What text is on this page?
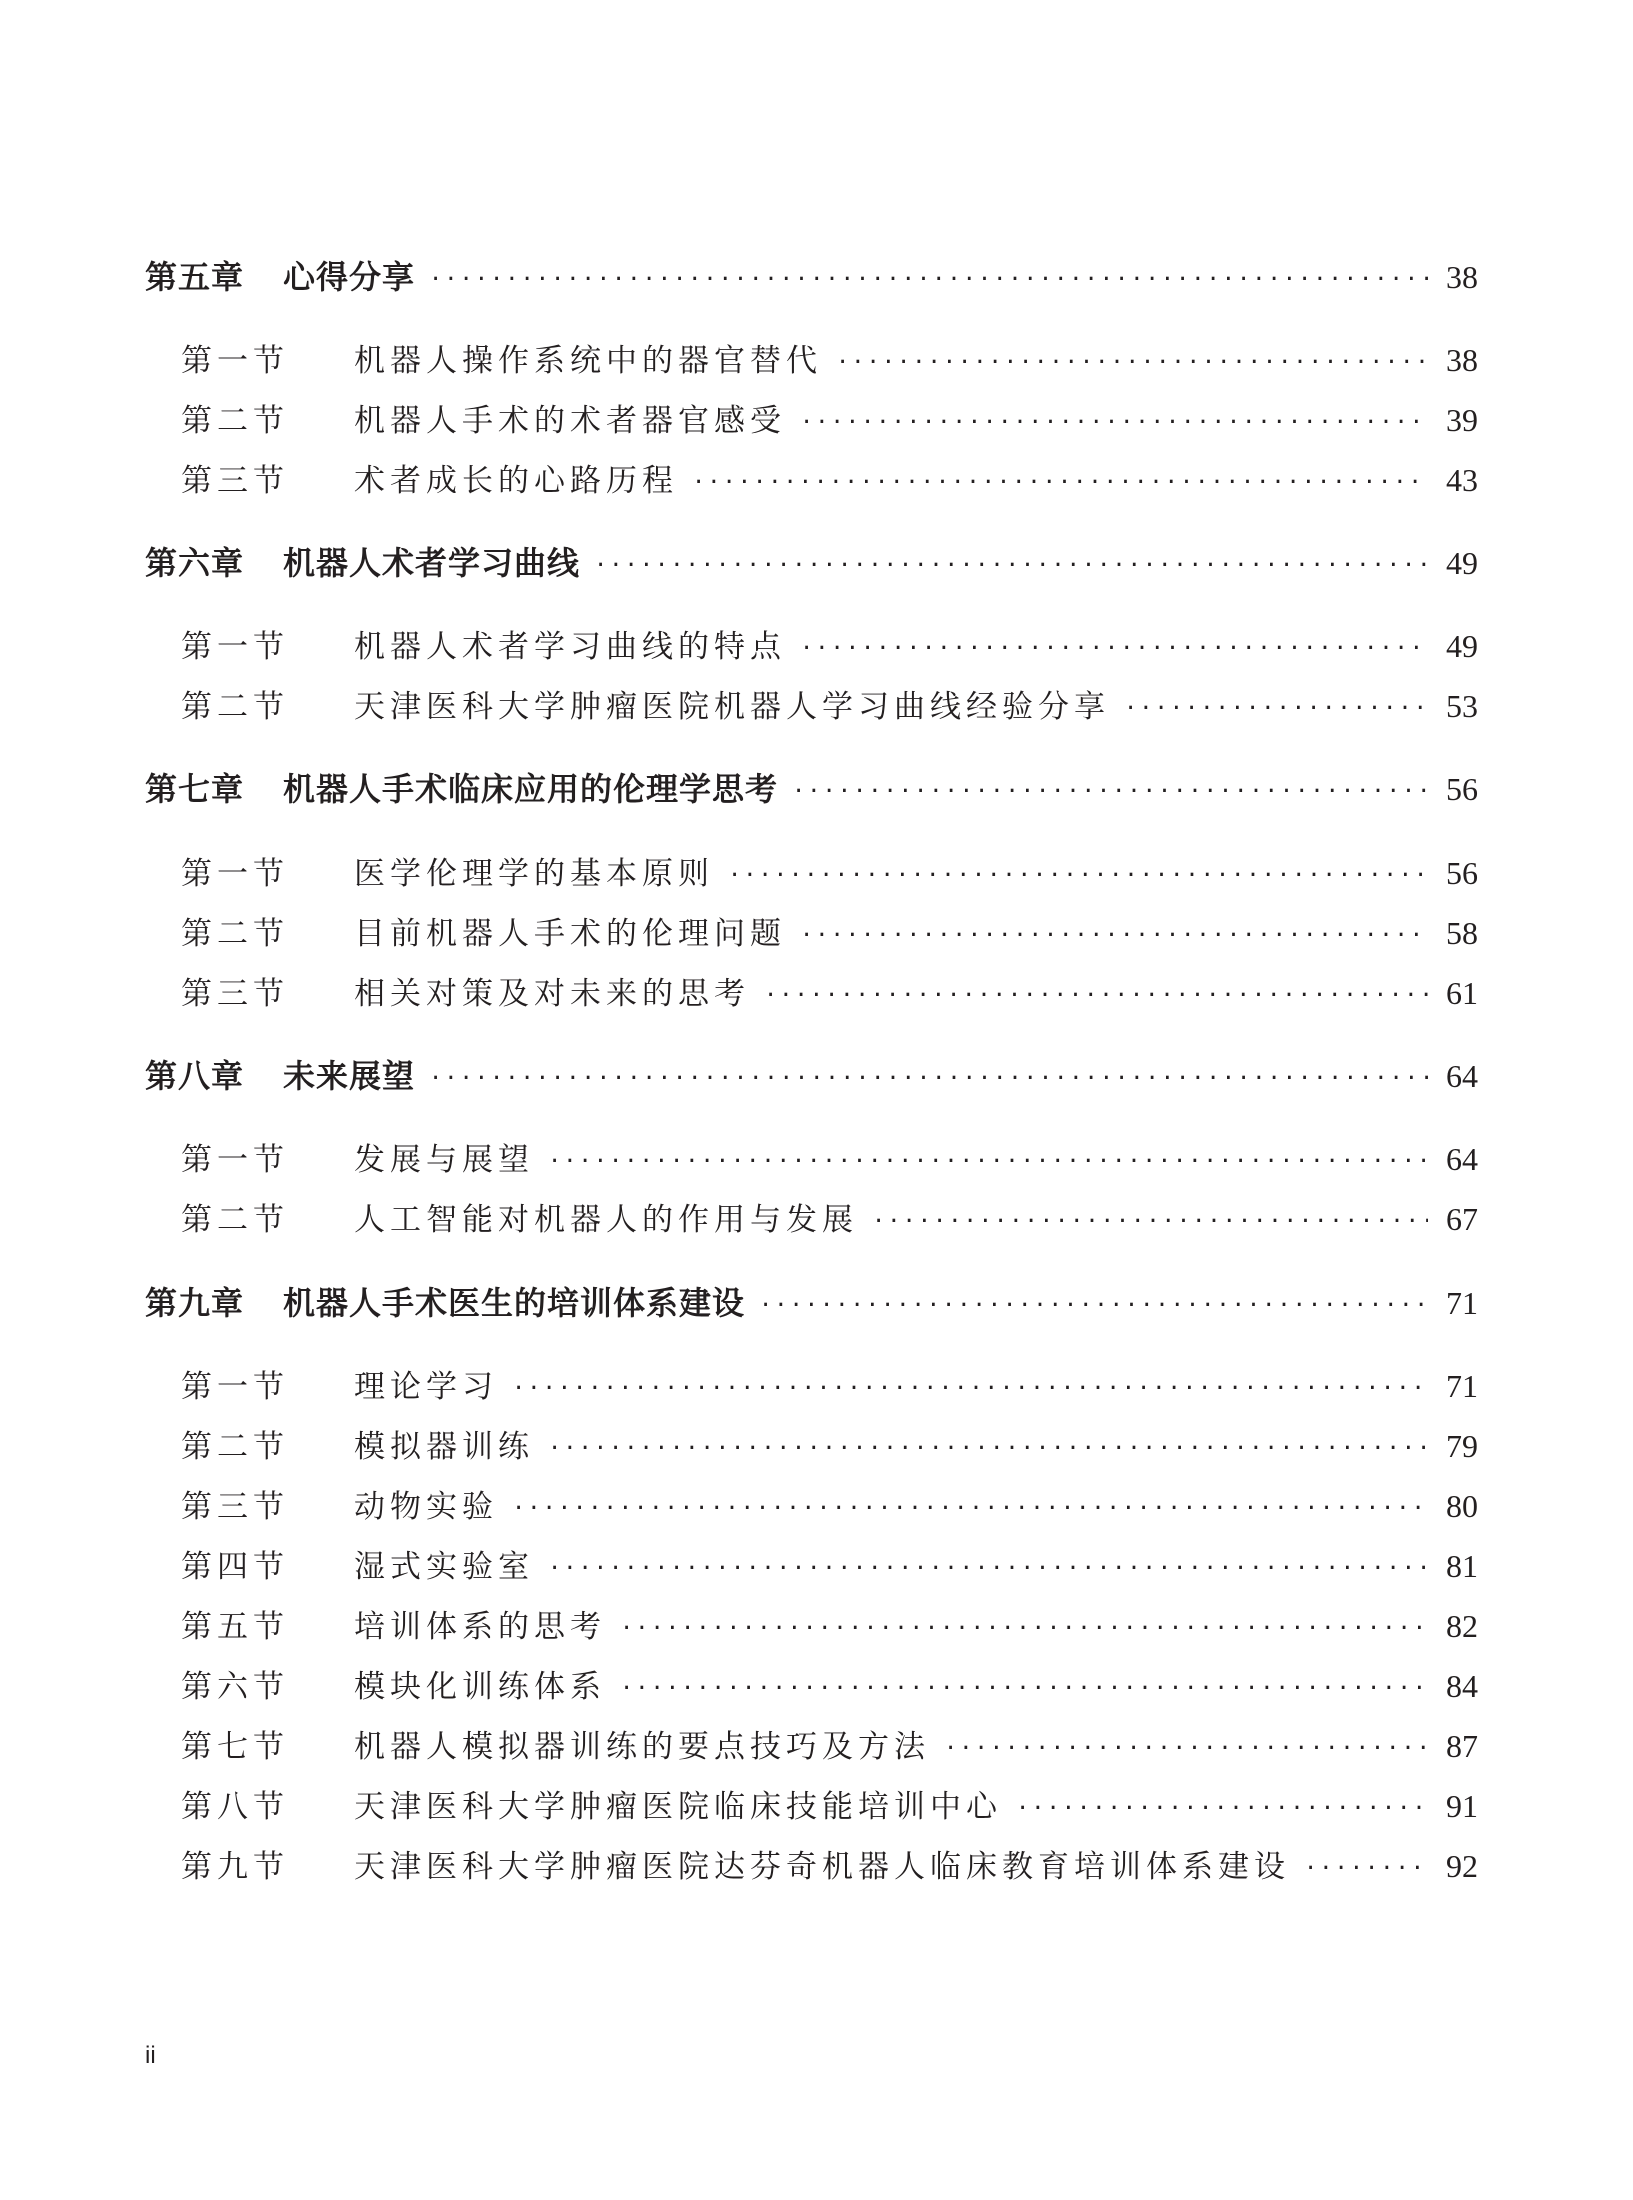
第五章	心得分享 ·····	38
第一节	机器人操作系统中的器官替代 ·····	38
第二节	机器人手术的术者器官感受 ·····	39
第三节	术者成长的心路历程 ·····	43
第六章	机器人术者学习曲线 ·····	49
第一节	机器人术者学习曲线的特点 ·····	49
第二节	天津医科大学肿瘤医院机器人学习曲线经验分享 ·····	53
第七章	机器人手术临床应用的伦理学思考 ·····	56
第一节	医学伦理学的基本原则 ·····	56
第二节	目前机器人手术的伦理问题 ·····	58
第三节	相关对策及对未来的思考 ·····	61
第八章	未来展望 ·····	64
第一节	发展与展望 ·····	64
第二节	人工智能对机器人的作用与发展 ·····	67
第九章	机器人手术医生的培训体系建设 ·····	71
第一节	理论学习 ·····	71
第二节	模拟器训练 ·····	79
第三节	动物实验 ·····	80
第四节	湿式实验室 ·····	81
第五节	培训体系的思考 ·····	82
第六节	模块化训练体系 ·····	84
第七节	机器人模拟器训练的要点技巧及方法 ·····	87
第八节	天津医科大学肿瘤医院临床技能培训中心 ·····	91
第九节	天津医科大学肿瘤医院达芬奇机器人临床教育培训体系建设 ·····	92
ii
